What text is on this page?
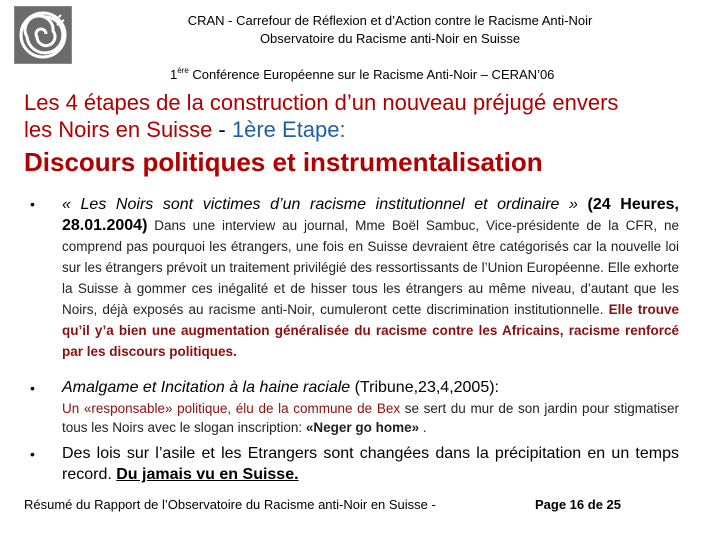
CRAN - Carrefour de Réflexion et d’Action contre le Racisme Anti-Noir
Observatoire du Racisme anti-Noir en Suisse
1ère Conférence Européenne sur le Racisme Anti-Noir – CERAN’06
Les 4 étapes de la construction d’un nouveau préjugé envers
les Noirs en Suisse - 1ère Etape:
Discours politiques et instrumentalisation
• « Les Noirs sont victimes d’un racisme institutionnel et ordinaire » (24 Heures, 28.01.2004) Dans une interview au journal, Mme Boël Sambuc, Vice-présidente de la CFR, ne comprend pas pourquoi les étrangers, une fois en Suisse devraient être catégorisés car la nouvelle loi sur les étrangers prévoit un traitement privilégié des ressortissants de l’Union Européenne. Elle exhorte la Suisse à gommer ces inégalité et de hisser tous les étrangers au même niveau, d’autant que les Noirs, déjà exposés au racisme anti-Noir, cumuleront cette discrimination institutionnelle. Elle trouve qu’il y’a bien une augmentation généralisée du racisme contre les Africains, racisme renforcé par les discours politiques.
• Amalgame et Incitation à la haine raciale (Tribune,23,4,2005):
Un «responsable» politique, élu de la commune de Bex se sert du mur de son jardin pour stigmatiser tous les Noirs avec le slogan inscription: «Neger go home» .
• Des lois sur l’asile et les Etrangers sont changées dans la précipitation en un temps record. Du jamais vu en Suisse.
Résumé du Rapport de l’Observatoire du Racisme anti-Noir en Suisse -	Page 16 de 25
